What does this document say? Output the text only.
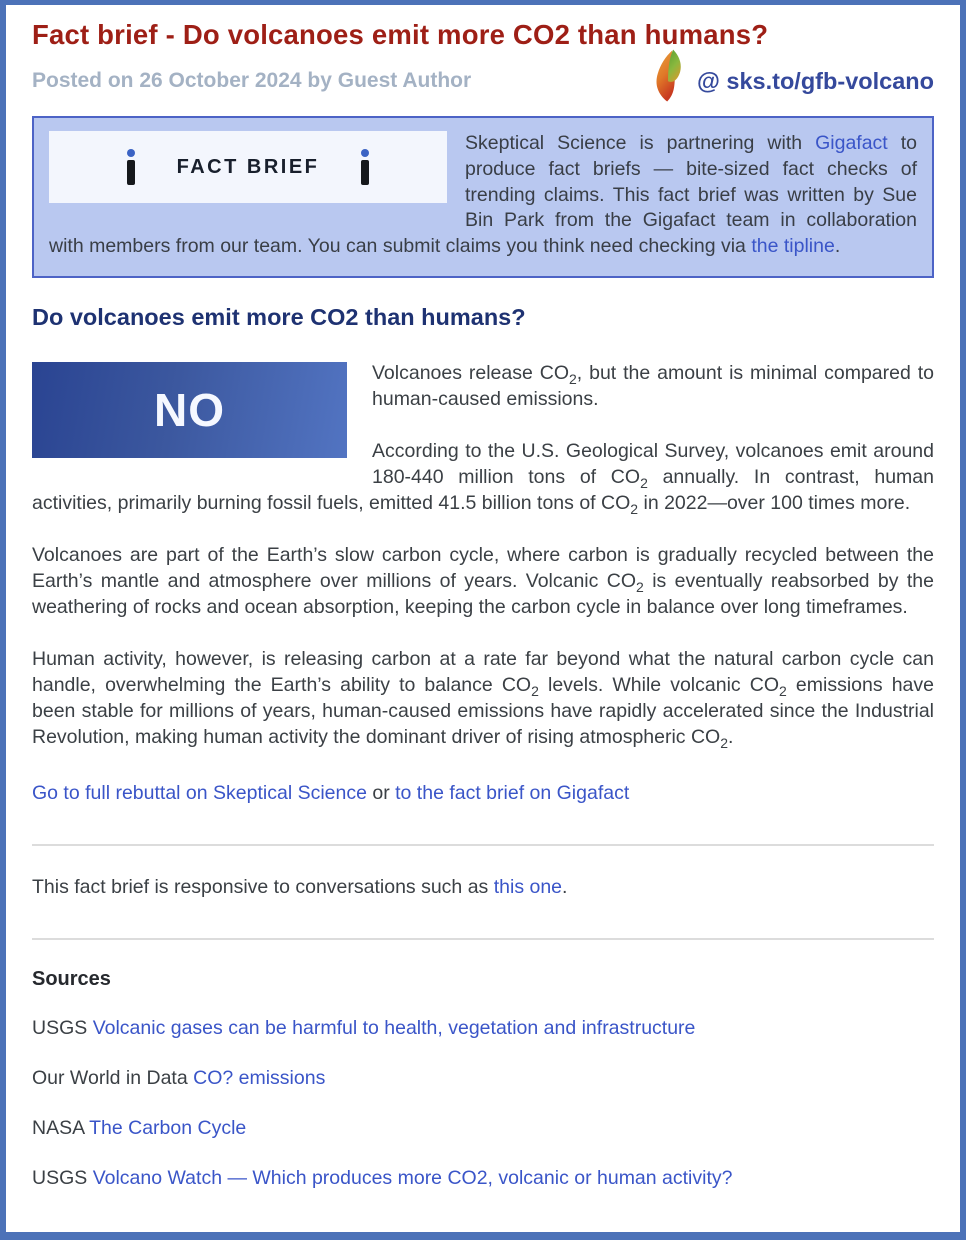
Fact brief - Do volcanoes emit more CO2 than humans?
Posted on 26 October 2024 by Guest Author	@ sks.to/gfb-volcano
FACT BRIEF

Skeptical Science is partnering with Gigafact to produce fact briefs — bite-sized fact checks of trending claims. This fact brief was written by Sue Bin Park from the Gigafact team in collaboration with members from our team. You can submit claims you think need checking via the tipline.

Do volcanoes emit more CO2 than humans?
NO

Volcanoes release $CO_2$, but the amount is minimal compared to human-caused emissions.

According to the U.S. Geological Survey, volcanoes emit around 180-440 million tons of $CO_2$ annually. In contrast, human activities, primarily burning fossil fuels, emitted 41.5 billion tons of $CO_2$ in 2022—over 100 times more.

Volcanoes are part of the Earth’s slow carbon cycle, where carbon is gradually recycled between the Earth’s mantle and atmosphere over millions of years. Volcanic $CO_2$ is eventually reabsorbed by the weathering of rocks and ocean absorption, keeping the carbon cycle in balance over long timeframes.

Human activity, however, is releasing carbon at a rate far beyond what the natural carbon cycle can handle, overwhelming the Earth’s ability to balance $CO_2$ levels. While volcanic $CO_2$ emissions have been stable for millions of years, human-caused emissions have rapidly accelerated since the Industrial Revolution, making human activity the dominant driver of rising atmospheric $CO_2$.

Go to full rebuttal on Skeptical Science or to the fact brief on Gigafact

This fact brief is responsive to conversations such as this one.

Sources

USGS Volcanic gases can be harmful to health, vegetation and infrastructure

Our World in Data CO? emissions

NASA The Carbon Cycle

USGS Volcano Watch — Which produces more CO2, volcanic or human activity?
